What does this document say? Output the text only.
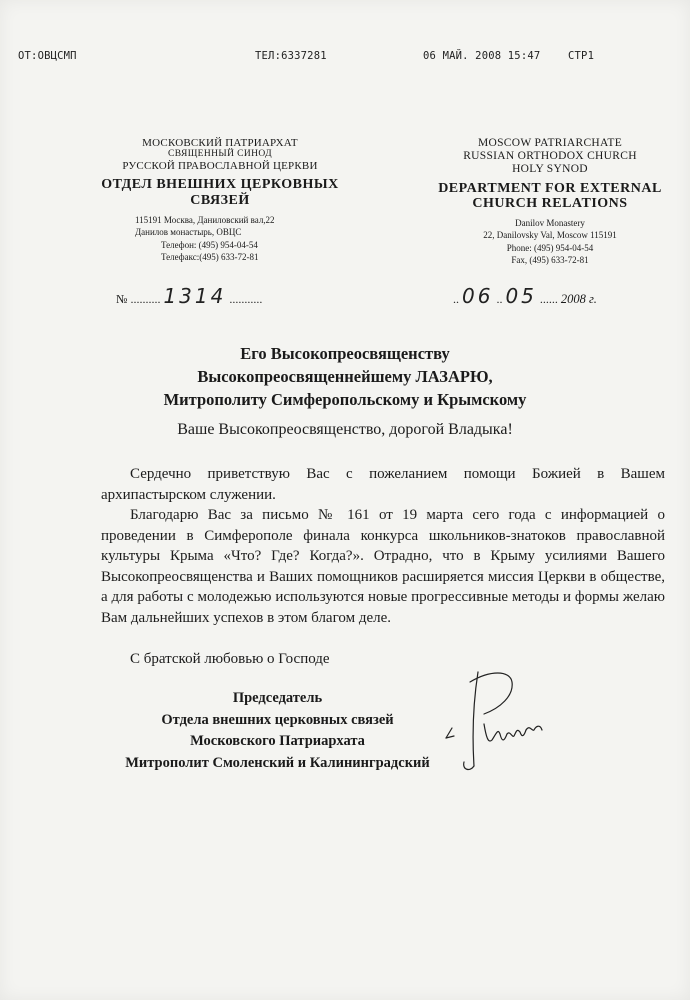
ОТ:ОВЦСМП	ТЕЛ:6337281	06 МАЙ. 2008 15:47	СТР1
МОСКОВСКИЙ ПАТРИАРХАТ
СВЯЩЕННЫЙ СИНОД
РУССКОЙ ПРАВОСЛАВНОЙ ЦЕРКВИ
ОТДЕЛ ВНЕШНИХ ЦЕРКОВНЫХ
СВЯЗЕЙ
115191 Москва, Даниловский вал,22
Данилов монастырь, ОВЦС
Телефон: (495) 954-04-54
Телефакс:(495) 633-72-81
MOSCOW PATRIARCHATE
RUSSIAN ORTHODOX CHURCH
HOLY SYNOD
DEPARTMENT FOR EXTERNAL
CHURCH RELATIONS
Danilov Monastery
22, Danilovsky Val, Moscow 115191
Phone: (495) 954-04-54
Fax, (495) 633-72-81
№ .......... 1314 ...........	.. 06 .. 05 ...... 2008 г.
Его Высокопреосвященству
Высокопреосвященнейшему ЛАЗАРЮ,
Митрополиту Симферопольскому и Крымскому
Ваше Высокопреосвященство, дорогой Владыка!

Сердечно приветствую Вас с пожеланием помощи Божией в Вашем архипастырском служении.

Благодарю Вас за письмо № 161 от 19 марта сего года с информацией о проведении в Симферополе финала конкурса школьников-знатоков православной культуры Крыма «Что? Где? Когда?». Отрадно, что в Крыму усилиями Вашего Высокопреосвященства и Ваших помощников расширяется миссия Церкви в обществе, а для работы с молодежью используются новые прогрессивные методы и формы желаю Вам дальнейших успехов в этом благом деле.

С братской любовью о Господе
Председатель
Отдела внешних церковных связей
Московского Патриархата
Митрополит Смоленский и Калининградский
